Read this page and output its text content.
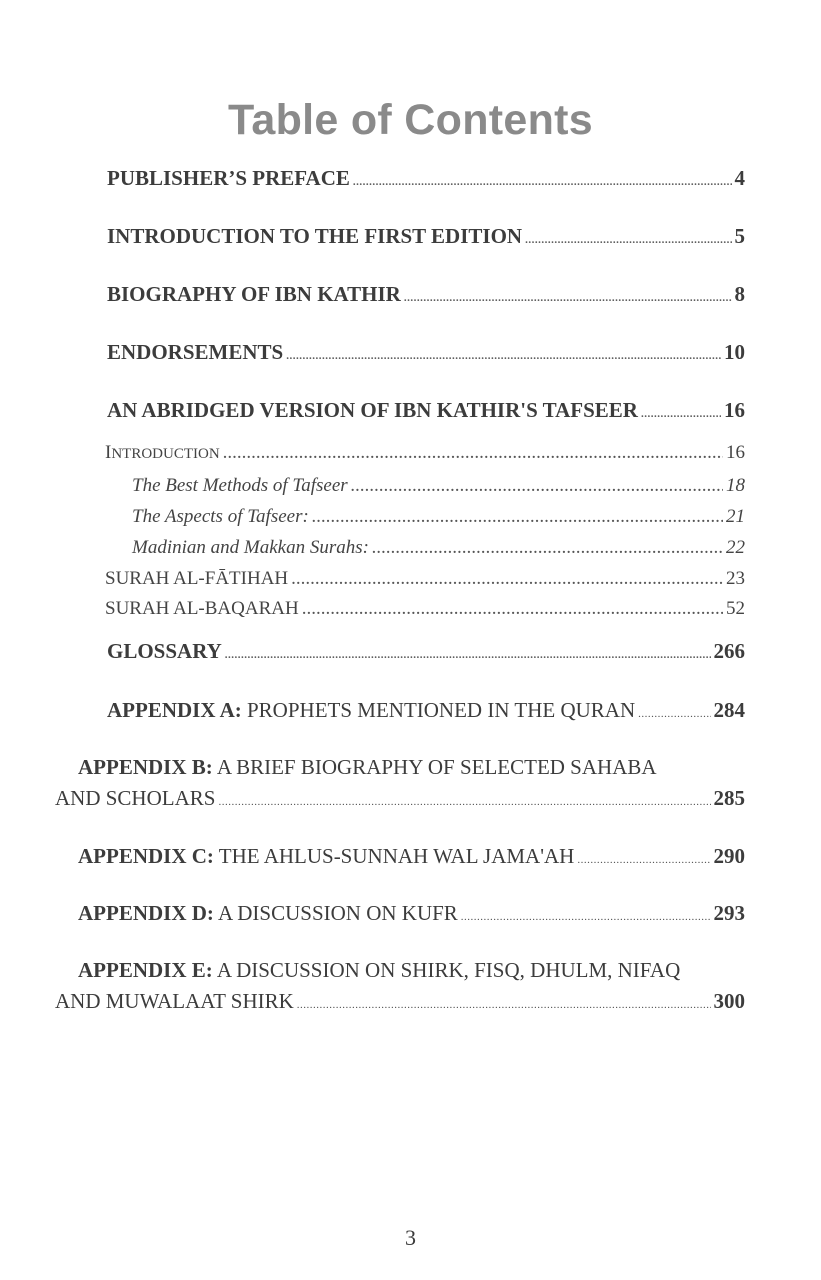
Table of Contents
PUBLISHER’S PREFACE .....	4
INTRODUCTION TO THE FIRST EDITION .....	5
BIOGRAPHY OF IBN KATHIR .....	8
ENDORSEMENTS .....	10
AN ABRIDGED VERSION OF IBN KATHIR'S TAFSEER .....	16
INTRODUCTION .....	16
The Best Methods of Tafseer .....	18
The Aspects of Tafseer: .....	21
Madinian and Makkan Surahs: .....	22
SURAH AL-FĀTIHAH .....	23
SURAH AL-BAQARAH .....	52
GLOSSARY .....	266
APPENDIX A: PROPHETS MENTIONED IN THE QURAN .....	284
APPENDIX B: A BRIEF BIOGRAPHY OF SELECTED SAHABA
AND SCHOLARS .....	285
APPENDIX C: THE AHLUS-SUNNAH WAL JAMA'AH .....	290
APPENDIX D: A DISCUSSION ON KUFR .....	293
APPENDIX E: A DISCUSSION ON SHIRK, FISQ, DHULM, NIFAQ
AND MUWALAAT SHIRK .....	300
3
